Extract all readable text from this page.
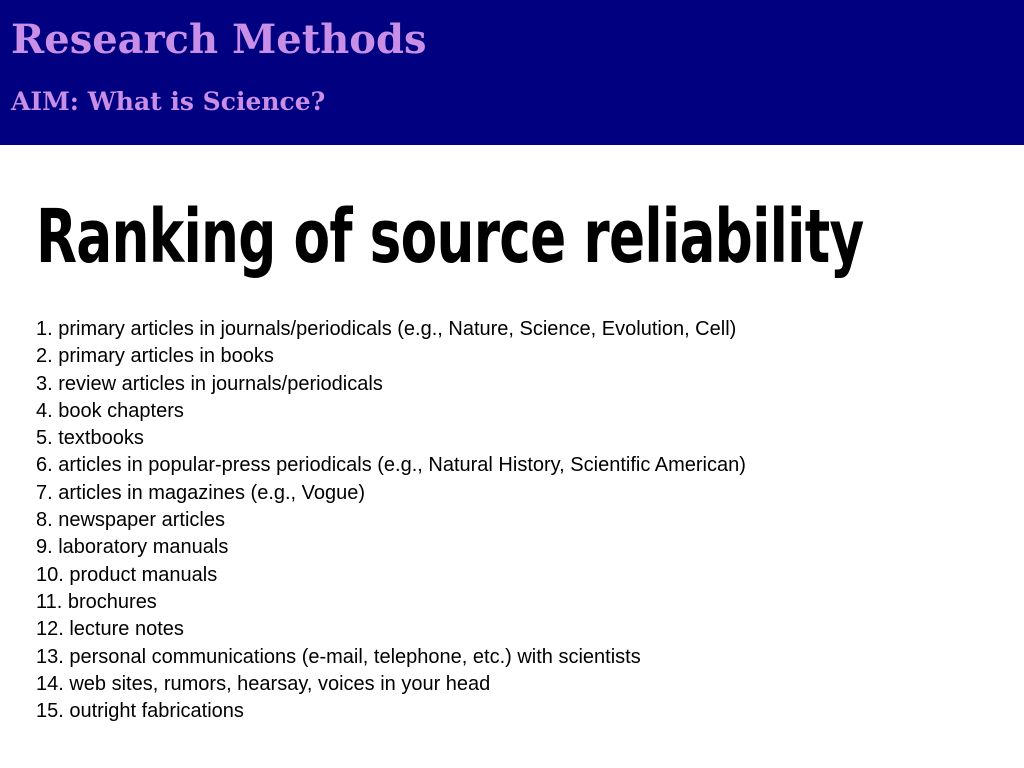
Research Methods
AIM: What is Science?
Ranking of source reliability
1. primary articles in journals/periodicals (e.g., Nature, Science, Evolution, Cell)
2. primary articles in books
3. review articles in journals/periodicals
4. book chapters
5. textbooks
6. articles in popular-press periodicals (e.g., Natural History, Scientific American)
7. articles in magazines (e.g., Vogue)
8. newspaper articles
9. laboratory manuals
10. product manuals
11. brochures
12. lecture notes
13. personal communications (e-mail, telephone, etc.) with scientists
14. web sites, rumors, hearsay, voices in your head
15. outright fabrications
